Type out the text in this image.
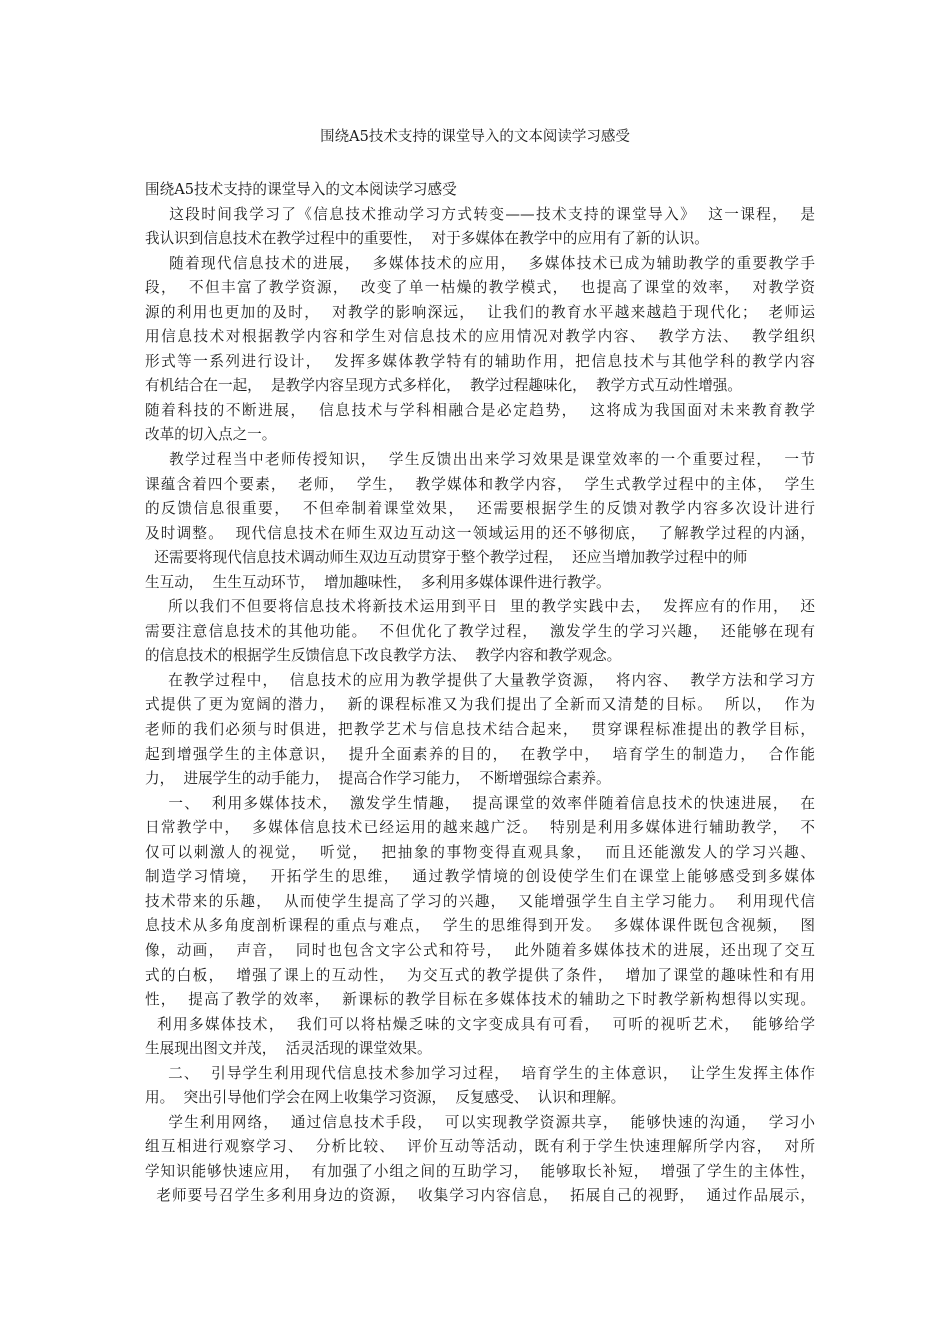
围绕A5技术支持的课堂导入的文本阅读学习感受
围绕A5技术支持的课堂导入的文本阅读学习感受
这段时间我学习了《信息技术推动学习方式转变——技术支持的课堂导入》  这一课程，  是
我认识到信息技术在教学过程中的重要性，  对于多媒体在教学中的应用有了新的认识。
随着现代信息技术的进展，  多媒体技术的应用，  多媒体技术已成为辅助教学的重要教学手
段，  不但丰富了教学资源，  改变了单一枯燥的教学模式，  也提高了课堂的效率，  对教学资
源的利用也更加的及时，  对教学的影响深远，  让我们的教育水平越来越趋于现代化；  老师运
用信息技术对根据教学内容和学生对信息技术的应用情况对教学内容、  教学方法、  教学组织
形式等一系列进行设计，  发挥多媒体教学特有的辅助作用，把信息技术与其他学科的教学内容
有机结合在一起，  是教学内容呈现方式多样化，  教学过程趣味化，  教学方式互动性增强。
随着科技的不断进展，  信息技术与学科相融合是必定趋势，  这将成为我国面对未来教育教学
改革的切入点之一。
教学过程当中老师传授知识，  学生反馈出出来学习效果是课堂效率的一个重要过程，  一节
课蕴含着四个要素，  老师，  学生，  教学媒体和教学内容，  学生式教学过程中的主体，  学生
的反馈信息很重要，  不但牵制着课堂效果，  还需要根据学生的反馈对教学内容多次设计进行
及时调整。  现代信息技术在师生双边互动这一领域运用的还不够彻底，  了解教学过程的内涵，
还需要将现代信息技术调动师生双边互动贯穿于整个教学过程，  还应当增加教学过程中的师
生互动，  生生互动环节，  增加趣味性，  多利用多媒体课件进行教学。
所以我们不但要将信息技术将新技术运用到平日  里的教学实践中去，  发挥应有的作用，  还
需要注意信息技术的其他功能。  不但优化了教学过程，  激发学生的学习兴趣，  还能够在现有
的信息技术的根据学生反馈信息下改良教学方法、  教学内容和教学观念。
在教学过程中，  信息技术的应用为教学提供了大量教学资源，  将内容、  教学方法和学习方
式提供了更为宽阔的潜力，  新的课程标准又为我们提出了全新而又清楚的目标。  所以，  作为
老师的我们必须与时俱进，把教学艺术与信息技术结合起来，  贯穿课程标准提出的教学目标，
起到增强学生的主体意识，  提升全面素养的目的，  在教学中，  培育学生的制造力，  合作能
力，  进展学生的动手能力，  提高合作学习能力，  不断增强综合素养。
一、  利用多媒体技术，  激发学生情趣，  提高课堂的效率伴随着信息技术的快速进展，  在
日常教学中，  多媒体信息技术已经运用的越来越广泛。  特别是利用多媒体进行辅助教学，  不
仅可以刺激人的视觉，  听觉，  把抽象的事物变得直观具象，  而且还能激发人的学习兴趣、
制造学习情境，  开拓学生的思维，  通过教学情境的创设使学生们在课堂上能够感受到多媒体
技术带来的乐趣，  从而使学生提高了学习的兴趣，  又能增强学生自主学习能力。  利用现代信
息技术从多角度剖析课程的重点与难点，  学生的思维得到开发。  多媒体课件既包含视频，  图
像，动画，  声音，  同时也包含文字公式和符号，  此外随着多媒体技术的进展，还出现了交互
式的白板，  增强了课上的互动性，  为交互式的教学提供了条件，  增加了课堂的趣味性和有用
性，  提高了教学的效率，  新课标的教学目标在多媒体技术的辅助之下时教学新构想得以实现。
利用多媒体技术，  我们可以将枯燥乏味的文字变成具有可看，  可听的视听艺术，  能够给学
生展现出图文并茂，  活灵活现的课堂效果。
二、  引导学生利用现代信息技术参加学习过程，  培育学生的主体意识，  让学生发挥主体作
用。  突出引导他们学会在网上收集学习资源，  反复感受、  认识和理解。
学生利用网络，  通过信息技术手段，  可以实现教学资源共享，  能够快速的沟通，  学习小
组互相进行观察学习、  分析比较、  评价互动等活动，既有利于学生快速理解所学内容，  对所
学知识能够快速应用，  有加强了小组之间的互助学习，  能够取长补短，  增强了学生的主体性，
老师要号召学生多利用身边的资源，  收集学习内容信息，  拓展自己的视野，  通过作品展示，
